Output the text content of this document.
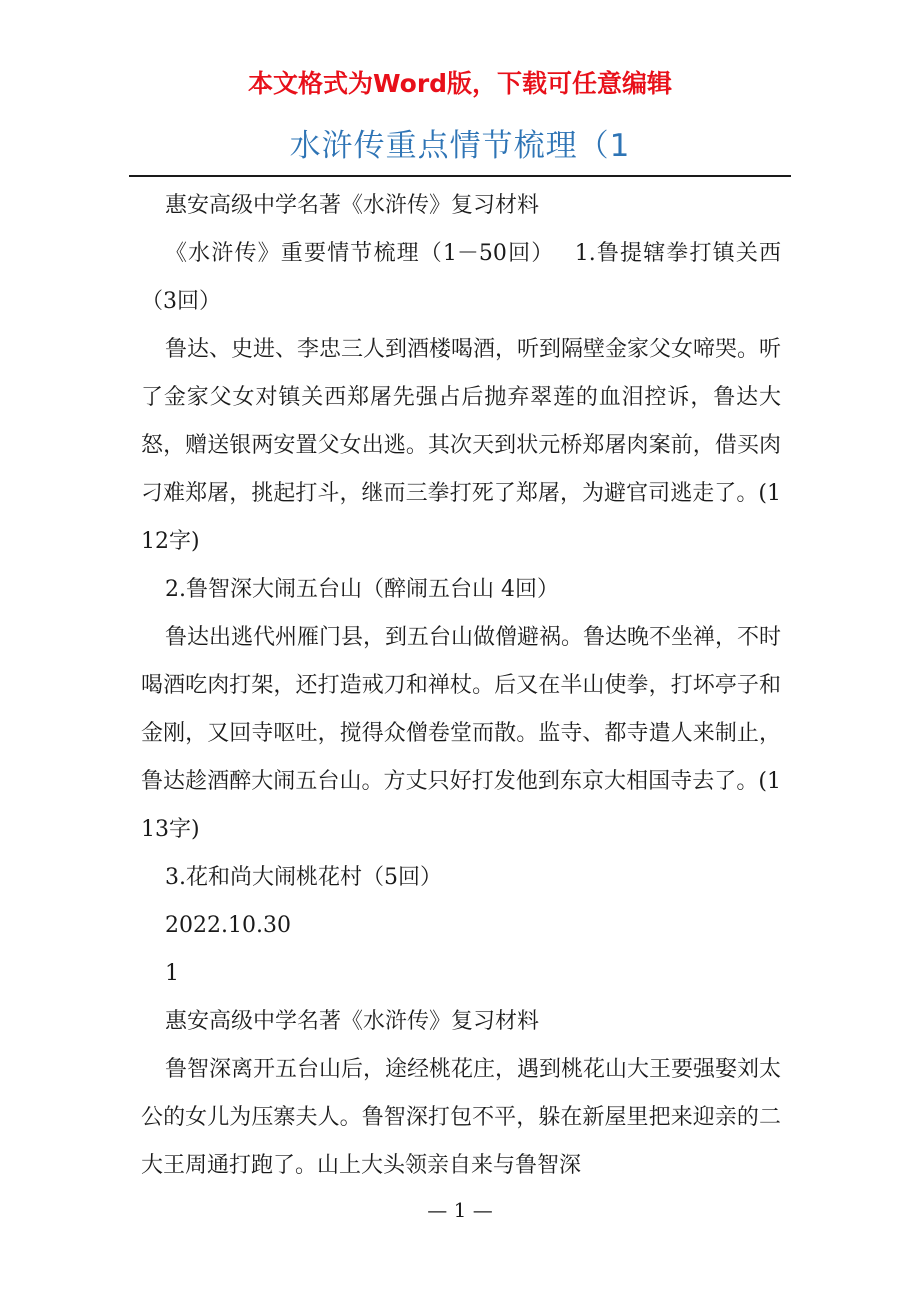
本文格式为Word版，下载可任意编辑
水浒传重点情节梳理（1

惠安高级中学名著《水浒传》复习材料

《水浒传》重要情节梳理（1－50回）　 1.鲁提辖拳打镇关西（3回）

鲁达、史进、李忠三人到酒楼喝酒，听到隔壁金家父女啼哭。听了金家父女对镇关西郑屠先强占后抛弃翠莲的血泪控诉，鲁达大怒，赠送银两安置父女出逃。其次天到状元桥郑屠肉案前，借买肉刁难郑屠，挑起打斗，继而三拳打死了郑屠，为避官司逃走了。(112字)

2.鲁智深大闹五台山（醉闹五台山 4回）

鲁达出逃代州雁门县，到五台山做僧避祸。鲁达晚不坐禅，不时喝酒吃肉打架，还打造戒刀和禅杖。后又在半山使拳，打坏亭子和金刚，又回寺呕吐，搅得众僧卷堂而散。监寺、都寺遣人来制止，鲁达趁酒醉大闹五台山。方丈只好打发他到东京大相国寺去了。(113字)

3.花和尚大闹桃花村（5回）

2022.10.30

1

惠安高级中学名著《水浒传》复习材料

鲁智深离开五台山后，途经桃花庄，遇到桃花山大王要强娶刘太公的女儿为压寨夫人。鲁智深打包不平，躲在新屋里把来迎亲的二大王周通打跑了。山上大头领亲自来与鲁智深

— 1 —
